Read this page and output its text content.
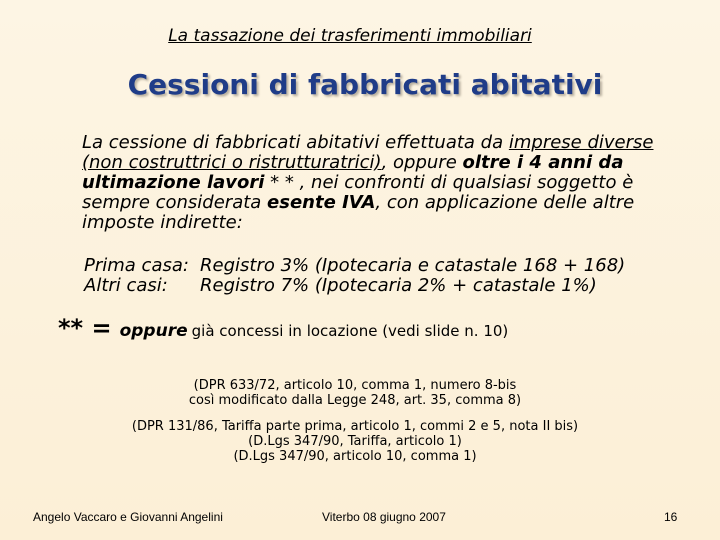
La tassazione dei trasferimenti immobiliari
Cessioni di fabbricati abitativi
La cessione di fabbricati abitativi effettuata da imprese diverse (non costruttrici o ristrutturatrici), oppure oltre i 4 anni da ultimazione lavori * * , nei confronti di qualsiasi soggetto è sempre considerata esente IVA, con applicazione delle altre imposte indirette:
Prima casa: Registro 3% (Ipotecaria e catastale 168 + 168)
Altri casi:	Registro 7% (Ipotecaria 2% + catastale 1%)
** = oppure già concessi in locazione (vedi slide n. 10)
(DPR 633/72, articolo 10, comma 1, numero 8-bis
così modificato dalla Legge 248, art. 35, comma 8)
(DPR 131/86, Tariffa parte prima, articolo 1, commi 2 e 5, nota II bis)
(D.Lgs 347/90, Tariffa, articolo 1)
(D.Lgs 347/90, articolo 10, comma 1)
Angelo Vaccaro e Giovanni Angelini	Viterbo 08 giugno 2007	16
